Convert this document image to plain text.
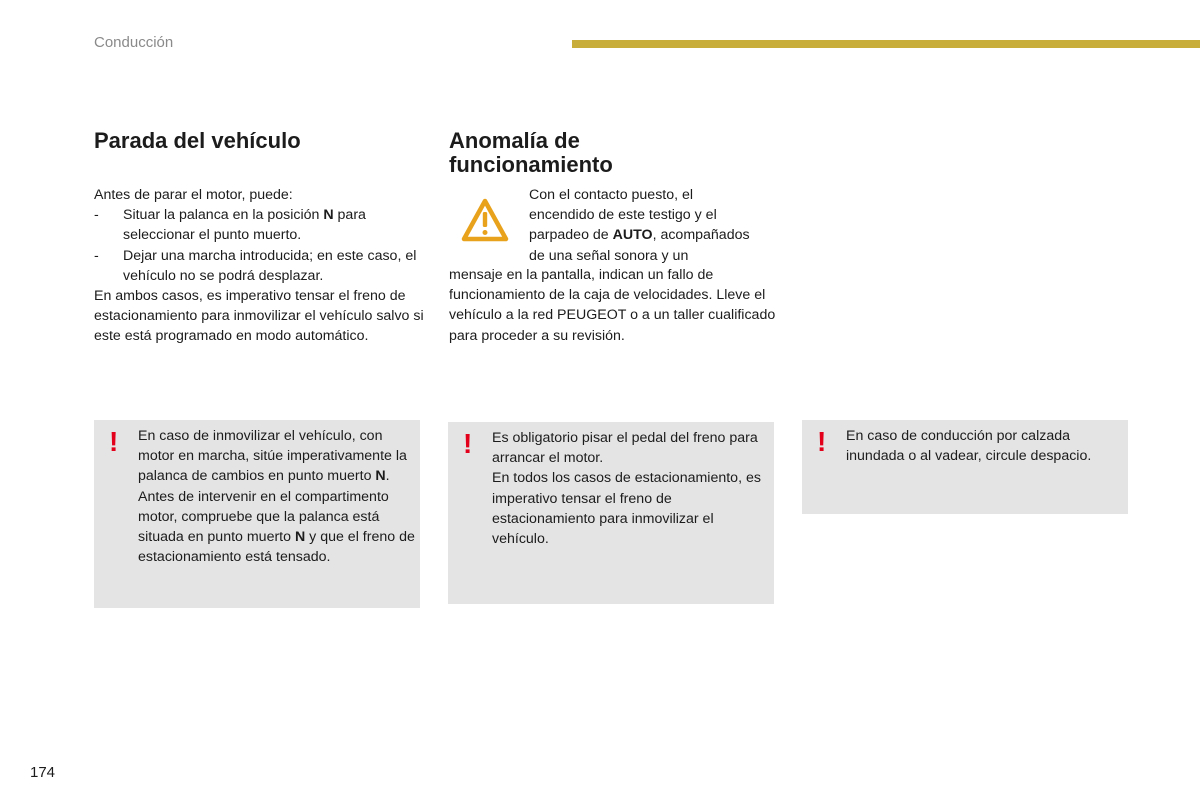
Conducción
Parada del vehículo

Antes de parar el motor, puede:

- Situar la palanca en la posición N para seleccionar el punto muerto.
- Dejar una marcha introducida; en este caso, el vehículo no se podrá desplazar.

En ambos casos, es imperativo tensar el freno de estacionamiento para inmovilizar el vehículo salvo si este está programado en modo automático.

Anomalía de
funcionamiento
Con el contacto puesto, el
encendido de este testigo y el
parpadeo de AUTO, acompañados
de una señal sonora y un
mensaje en la pantalla, indican un fallo de funcionamiento de la caja de velocidades. Lleve el vehículo a la red PEUGEOT o a un taller cualificado para proceder a su revisión.
! En caso de inmovilizar el vehículo, con motor en marcha, sitúe imperativamente la palanca de cambios en punto muerto N.

Antes de intervenir en el compartimento motor, compruebe que la palanca está situada en punto muerto N y que el freno de estacionamiento está tensado.

! Es obligatorio pisar el pedal del freno para arrancar el motor.

En todos los casos de estacionamiento, es imperativo tensar el freno de estacionamiento para inmovilizar el vehículo.

! En caso de conducción por calzada inundada o al vadear, circule despacio.

174
